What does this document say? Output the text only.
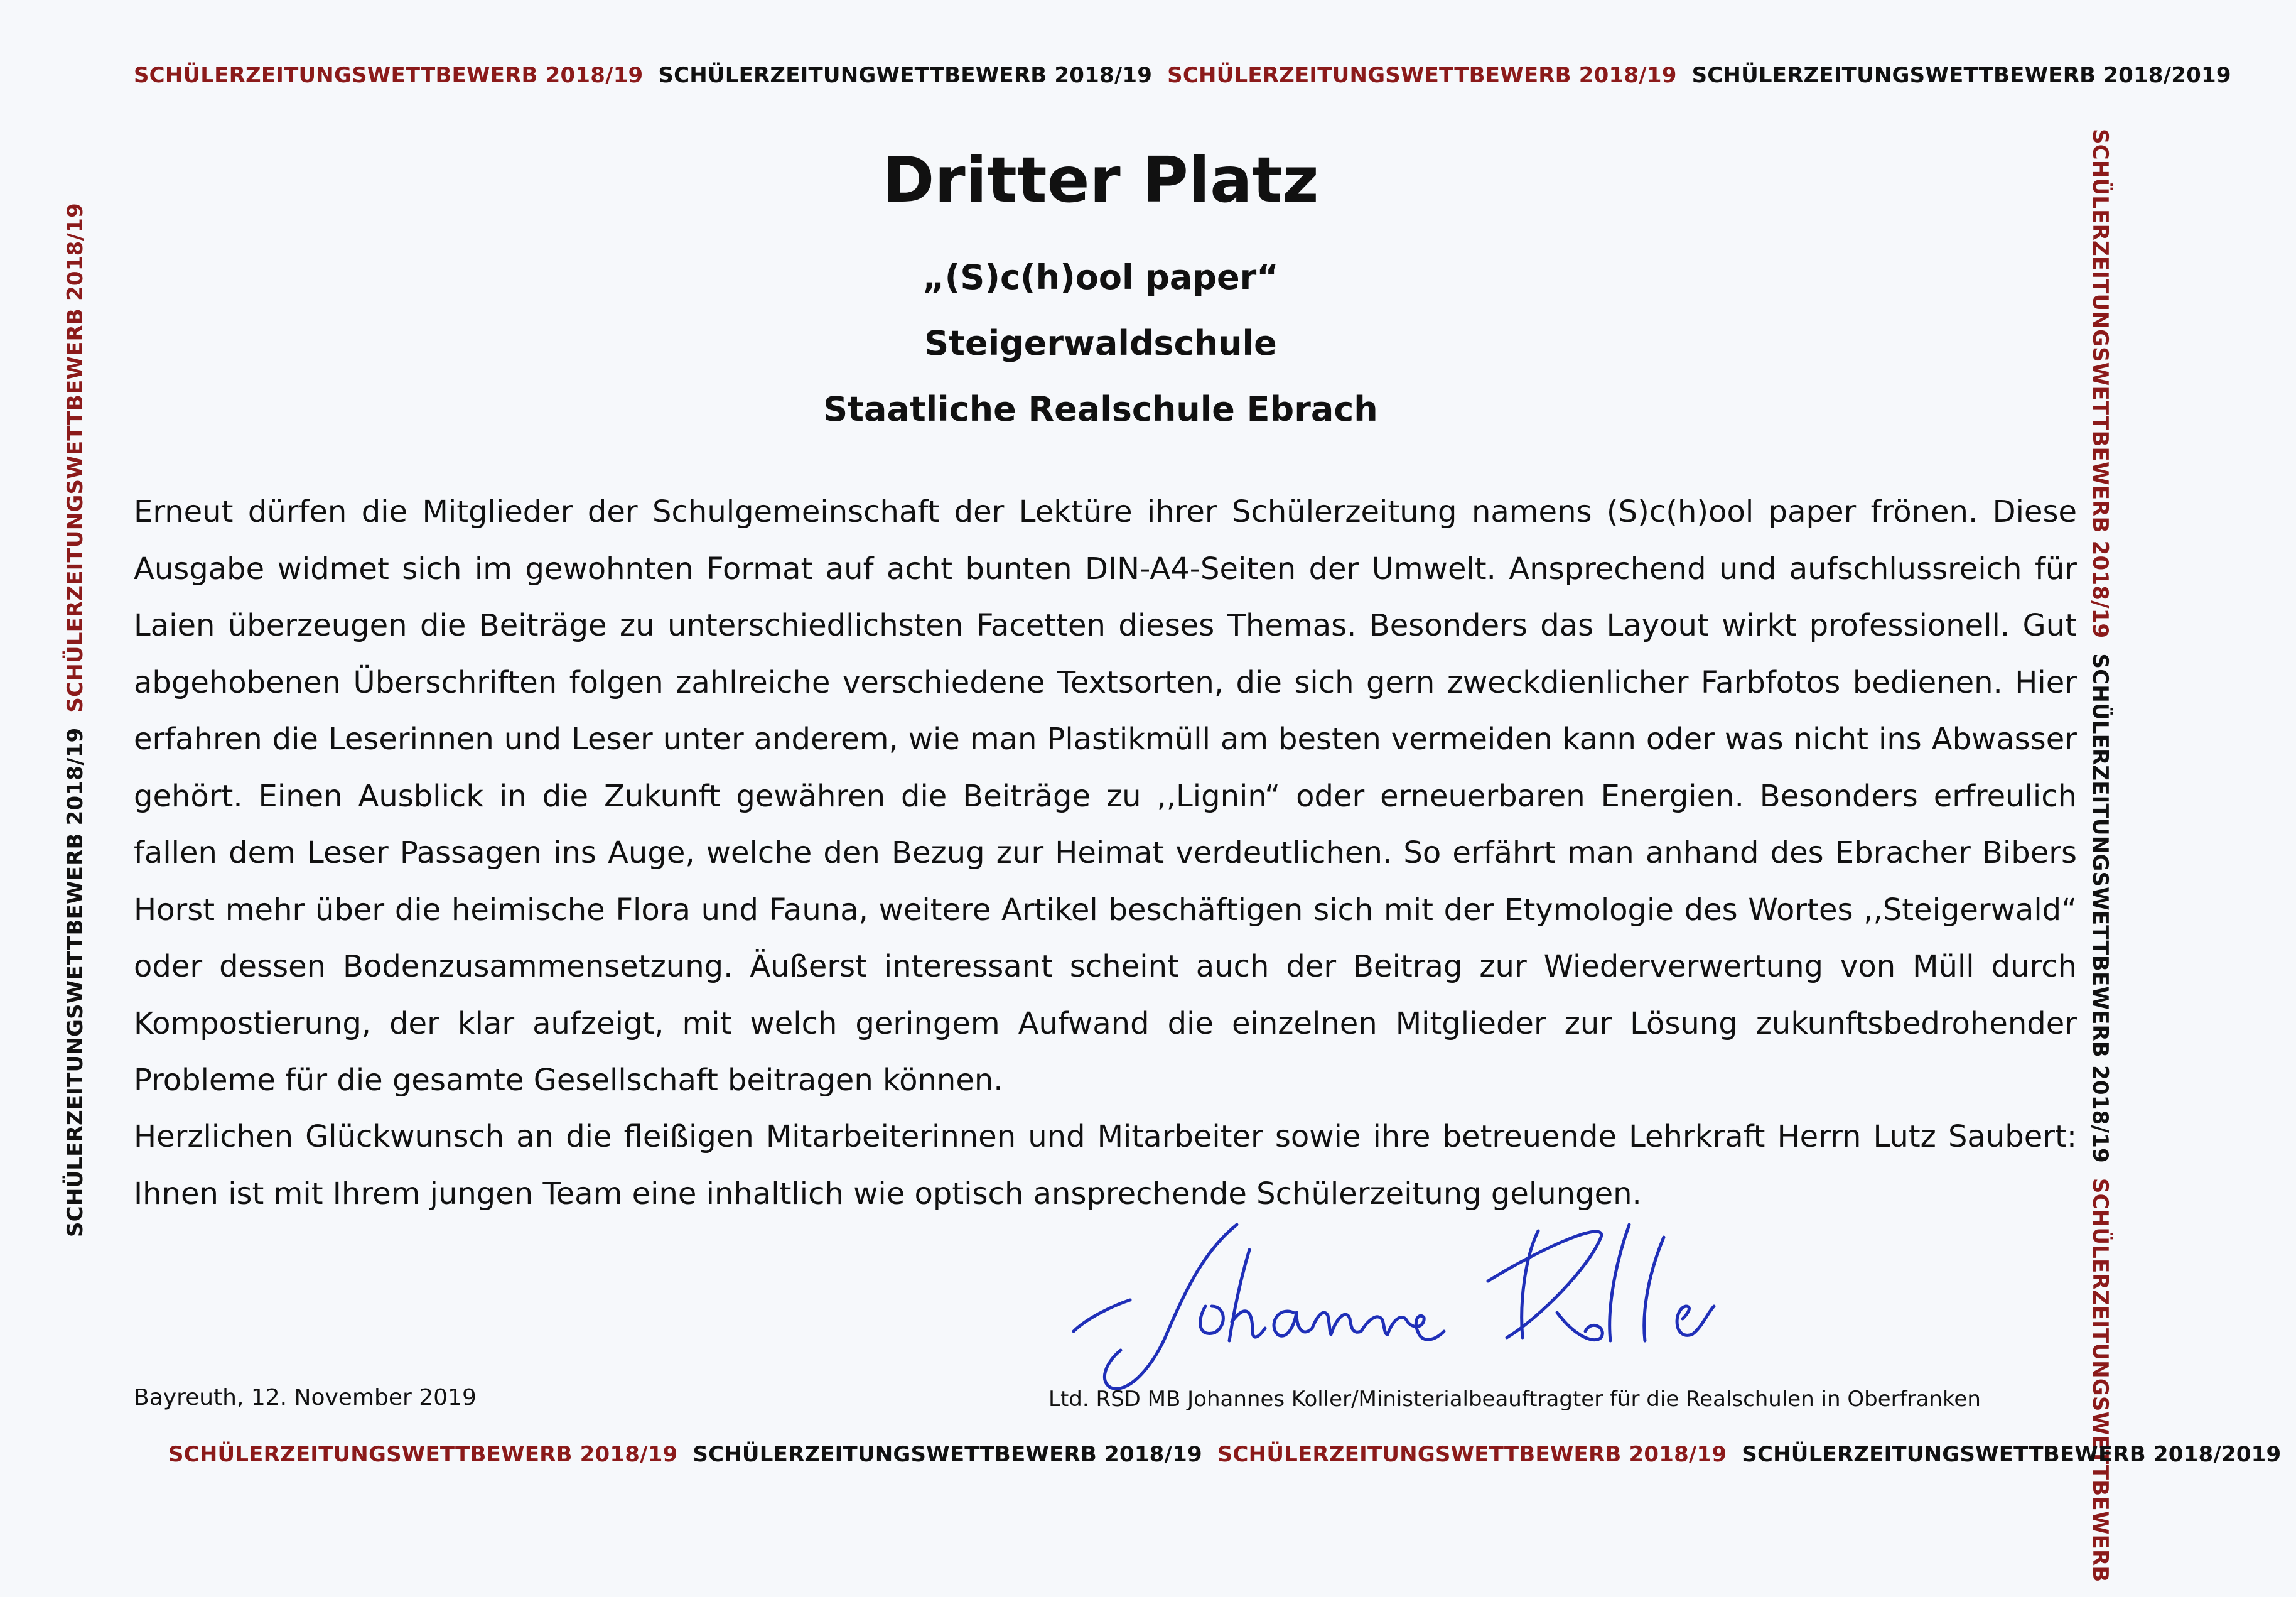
SCHÜLERZEITUNGSWETTBEWERB 2018/19 SCHÜLERZEITUNGWETTBEWERB 2018/19 SCHÜLERZEITUNGSWETTBEWERB 2018/19 SCHÜLERZEITUNGSWETTBEWERB 2018/2019
SCHÜLERZEITUNGSWETTBEWERB 2018/19SCHÜLERZEITUNGSWETTBEWERB 2018/19	SCHÜLERZEITUNGSWETTBEWERB 2018/19SCHÜLERZEITUNGSWETTBEWERB 2018/19SCHÜLERZEITUNGSWETTBEWERB
Dritter Platz
„(S)c(h)ool paper“
Steigerwaldschule
Staatliche Realschule Ebrach

Erneut dürfen die Mitglieder der Schulgemeinschaft der Lektüre ihrer Schülerzeitung namens (S)c(h)ool paper frönen. Diese Ausgabe widmet sich im gewohnten Format auf acht bunten DIN-A4-Seiten der Umwelt. Ansprechend und aufschlussreich für Laien überzeugen die Beiträge zu unterschiedlichsten Facetten dieses Themas. Besonders das Layout wirkt professionell. Gut abgehobenen Überschriften folgen zahlreiche verschiedene Textsorten, die sich gern zweckdienlicher Farbfotos bedienen. Hier erfahren die Leserinnen und Leser unter anderem, wie man Plastikmüll am besten vermeiden kann oder was nicht ins Abwasser gehört. Einen Ausblick in die Zukunft gewähren die Beiträge zu ,,Lignin“ oder erneuerbaren Energien. Besonders erfreulich fallen dem Leser Passagen ins Auge, welche den Bezug zur Heimat verdeutlichen. So erfährt man anhand des Ebracher Bibers Horst mehr über die heimische Flora und Fauna, weitere Artikel beschäftigen sich mit der Etymologie des Wortes ,,Steigerwald“ oder dessen Bodenzusammensetzung. Äußerst interessant scheint auch der Beitrag zur Wiederverwertung von Müll durch Kompostierung, der klar aufzeigt, mit welch geringem Aufwand die einzelnen Mitglieder zur Lösung zukunftsbedrohender Probleme für die gesamte Gesellschaft beitragen können.

Herzlichen Glückwunsch an die fleißigen Mitarbeiterinnen und Mitarbeiter sowie ihre betreuende Lehrkraft Herrn Lutz Saubert: Ihnen ist mit Ihrem jungen Team eine inhaltlich wie optisch ansprechende Schülerzeitung gelungen.

Bayreuth, 12. November 2019	Ltd. RSD MB Johannes Koller/Ministerialbeauftragter für die Realschulen in Oberfranken
SCHÜLERZEITUNGSWETTBEWERB 2018/19 SCHÜLERZEITUNGSWETTBEWERB 2018/19 SCHÜLERZEITUNGSWETTBEWERB 2018/19 SCHÜLERZEITUNGSWETTBEWERB 2018/2019
